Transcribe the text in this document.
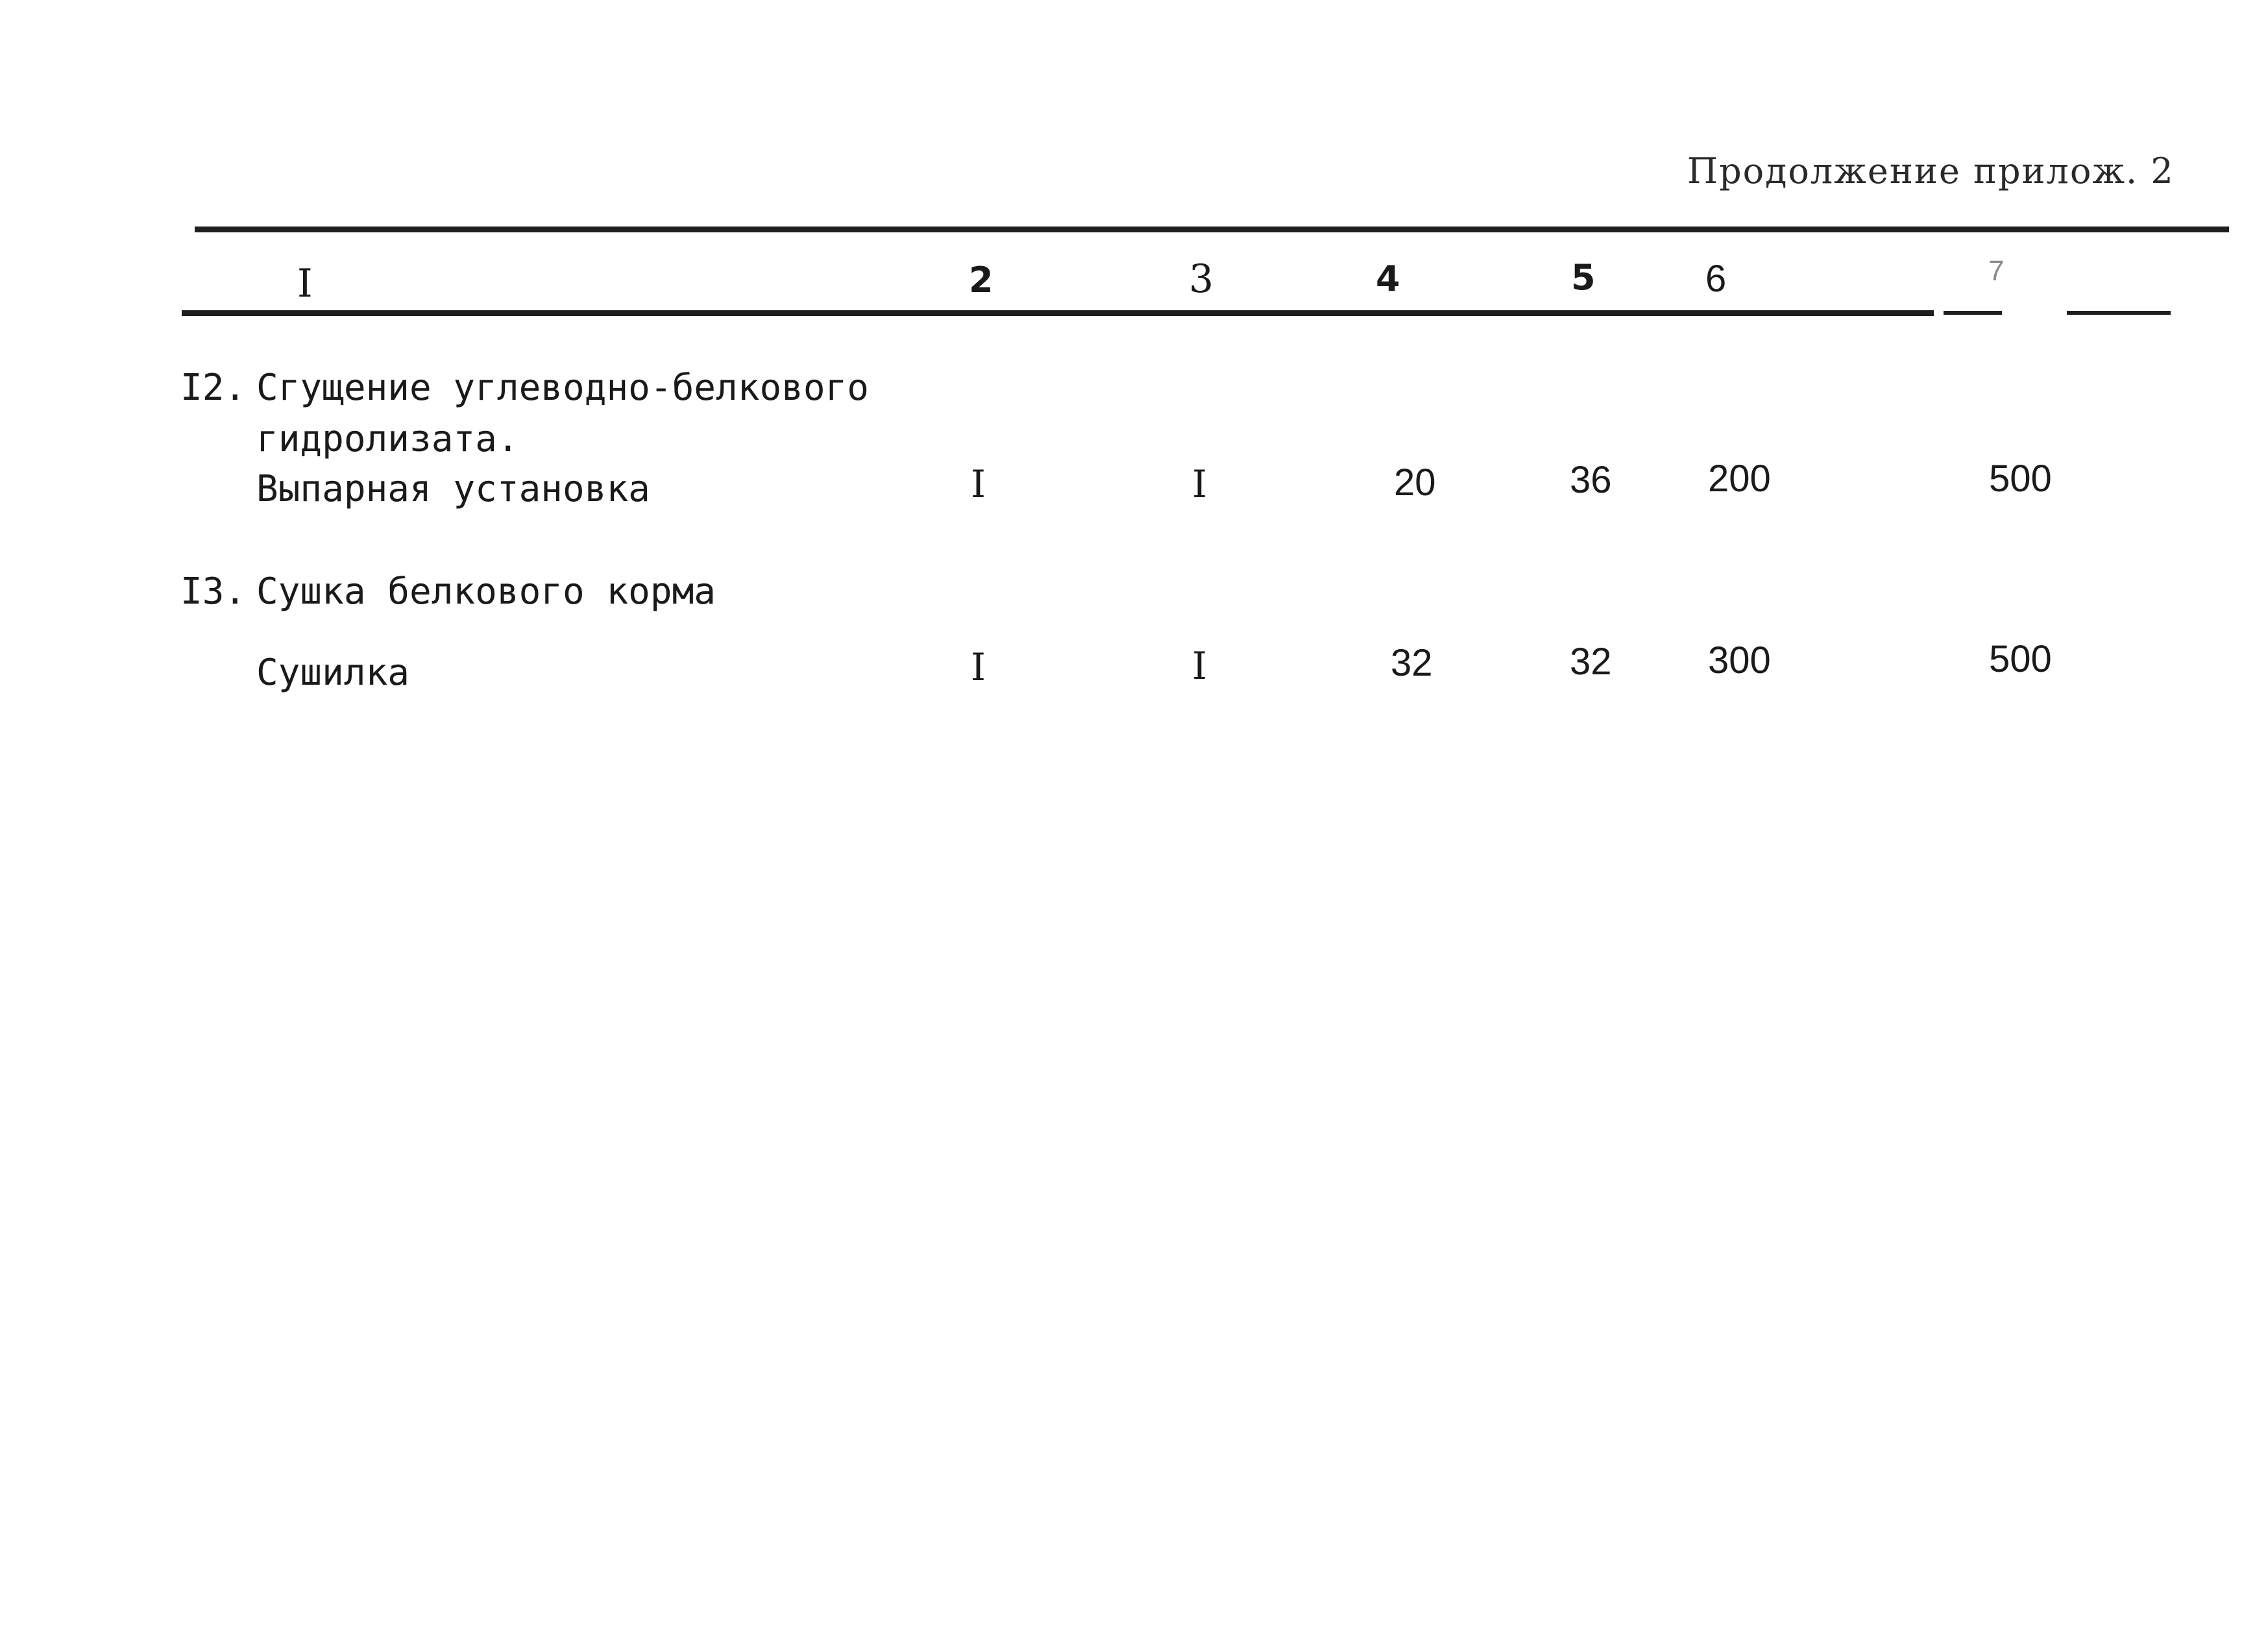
Продолжение прилож. 2
I	2	3	4	5	6	7
I2. Сгущение углеводно-белкового
гидролизата.
Выпарная установка	I	I	20	36	200	500
I3. Сушка белкового корма
Сушилка	I	I	32	32	300	500
